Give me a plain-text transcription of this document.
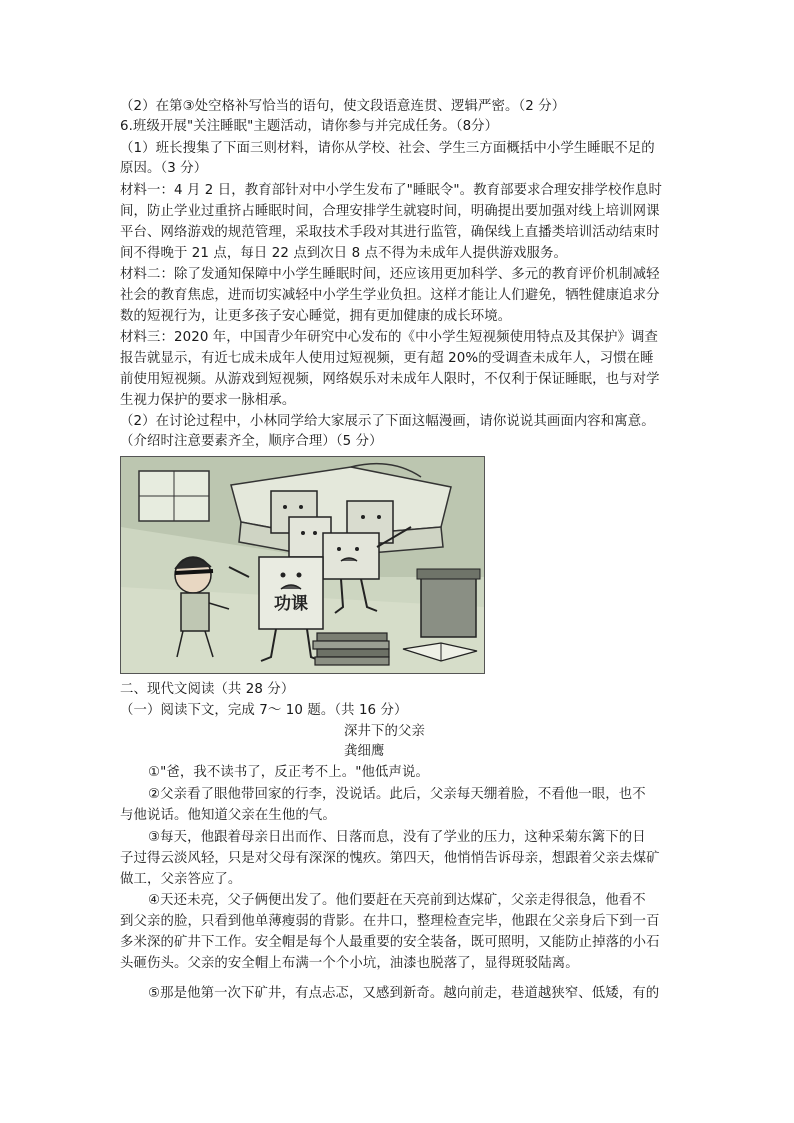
（2）在第③处空格补写恰当的语句，使文段语意连贯、逻辑严密。（2 分）
6.班级开展"关注睡眠"主题活动，请你参与并完成任务。（8分）
（1）班长搜集了下面三则材料，请你从学校、社会、学生三方面概括中小学生睡眠不足的
原因。（3 分）
材料一：4 月 2 日，教育部针对中小学生发布了"睡眠令"。教育部要求合理安排学校作息时
间，防止学业过重挤占睡眠时间，合理安排学生就寝时间，明确提出要加强对线上培训网课
平台、网络游戏的规范管理，采取技术手段对其进行监管，确保线上直播类培训活动结束时
间不得晚于 21 点，每日 22 点到次日 8 点不得为未成年人提供游戏服务。
材料二：除了发通知保障中小学生睡眠时间，还应该用更加科学、多元的教育评价机制减轻
社会的教育焦虑，进而切实减轻中小学生学业负担。这样才能让人们避免，牺牲健康追求分
数的短视行为，让更多孩子安心睡觉，拥有更加健康的成长环境。
材料三：2020 年，中国青少年研究中心发布的《中小学生短视频使用特点及其保护》调查
报告就显示，有近七成未成年人使用过短视频，更有超 20%的受调查未成年人，习惯在睡
前使用短视频。从游戏到短视频，网络娱乐对未成年人限时，不仅利于保证睡眠，也与对学
生视力保护的要求一脉相承。
（2）在讨论过程中，小林同学给大家展示了下面这幅漫画，请你说说其画面内容和寓意。
（介绍时注意要素齐全，顺序合理）（5 分）
功课
二、现代文阅读（共 28 分）
（一）阅读下文，完成 7～ 10 题。（共 16 分）
深井下的父亲
龚细鹰
①"爸，我不读书了，反正考不上。"他低声说。
②父亲看了眼他带回家的行李，没说话。此后，父亲每天绷着脸，不看他一眼，也不
与他说话。他知道父亲在生他的气。
③每天，他跟着母亲日出而作、日落而息，没有了学业的压力，这种采菊东篱下的日
子过得云淡风轻，只是对父母有深深的愧疚。第四天，他悄悄告诉母亲，想跟着父亲去煤矿
做工，父亲答应了。
④天还未亮，父子俩便出发了。他们要赶在天亮前到达煤矿，父亲走得很急，他看不
到父亲的脸，只看到他单薄瘦弱的背影。在井口，整理检查完毕，他跟在父亲身后下到一百
多米深的矿井下工作。安全帽是每个人最重要的安全装备，既可照明，又能防止掉落的小石
头砸伤头。父亲的安全帽上布满一个个小坑，油漆也脱落了，显得斑驳陆离。
⑤那是他第一次下矿井，有点忐忑，又感到新奇。越向前走，巷道越狭窄、低矮，有的
